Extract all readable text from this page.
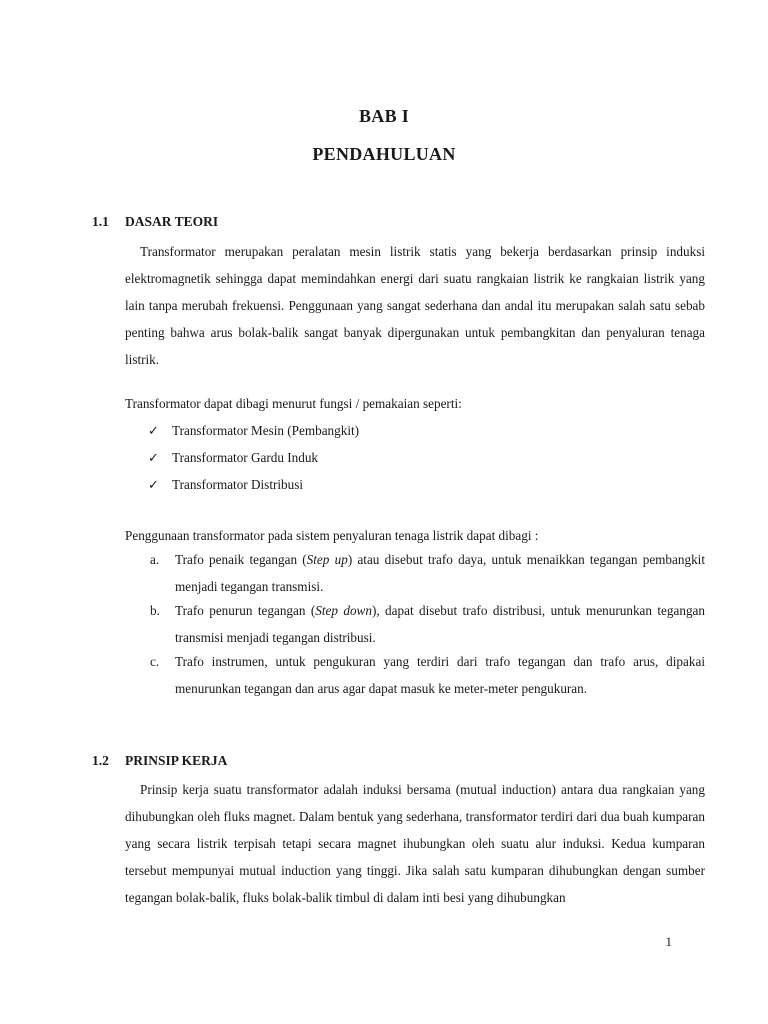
BAB I
PENDAHULUAN
1.1 DASAR TEORI

Transformator merupakan peralatan mesin listrik statis yang bekerja berdasarkan prinsip induksi elektromagnetik sehingga dapat memindahkan energi dari suatu rangkaian listrik ke rangkaian listrik yang lain tanpa merubah frekuensi. Penggunaan yang sangat sederhana dan andal itu merupakan salah satu sebab penting bahwa arus bolak-balik sangat banyak dipergunakan untuk pembangkitan dan penyaluran tenaga listrik.

Transformator dapat dibagi menurut fungsi / pemakaian seperti:
✓ Transformator Mesin (Pembangkit)
✓ Transformator Gardu Induk
✓ Transformator Distribusi
Penggunaan transformator pada sistem penyaluran tenaga listrik dapat dibagi :
a.	Trafo penaik tegangan (Step up) atau disebut trafo daya, untuk menaikkan tegangan pembangkit menjadi tegangan transmisi.
b.	Trafo penurun tegangan (Step down), dapat disebut trafo distribusi, untuk menurunkan tegangan transmisi menjadi tegangan distribusi.
c.	Trafo instrumen, untuk pengukuran yang terdiri dari trafo tegangan dan trafo arus, dipakai menurunkan tegangan dan arus agar dapat masuk ke meter-meter pengukuran.
1.2 PRINSIP KERJA

Prinsip kerja suatu transformator adalah induksi bersama (mutual induction) antara dua rangkaian yang dihubungkan oleh fluks magnet. Dalam bentuk yang sederhana, transformator terdiri dari dua buah kumparan yang secara listrik terpisah tetapi secara magnet ihubungkan oleh suatu alur induksi. Kedua kumparan tersebut mempunyai mutual induction yang tinggi. Jika salah satu kumparan dihubungkan dengan sumber tegangan bolak-balik, fluks bolak-balik timbul di dalam inti besi yang dihubungkan

1
